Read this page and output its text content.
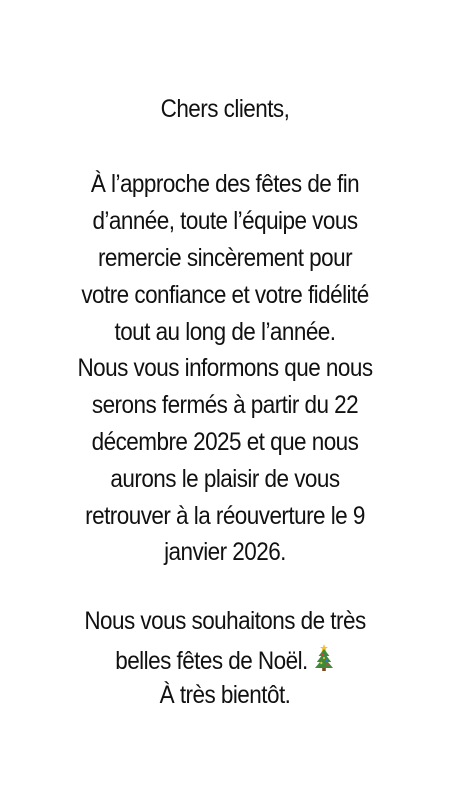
Chers clients,
À l’approche des fêtes de fin
d’année, toute l’équipe vous
remercie sincèrement pour
votre confiance et votre fidélité
tout au long de l’année.
Nous vous informons que nous
serons fermés à partir du 22
décembre 2025 et que nous
aurons le plaisir de vous
retrouver à la réouverture le 9
janvier 2026.
Nous vous souhaitons de très
belles fêtes de Noël.
À très bientôt.
